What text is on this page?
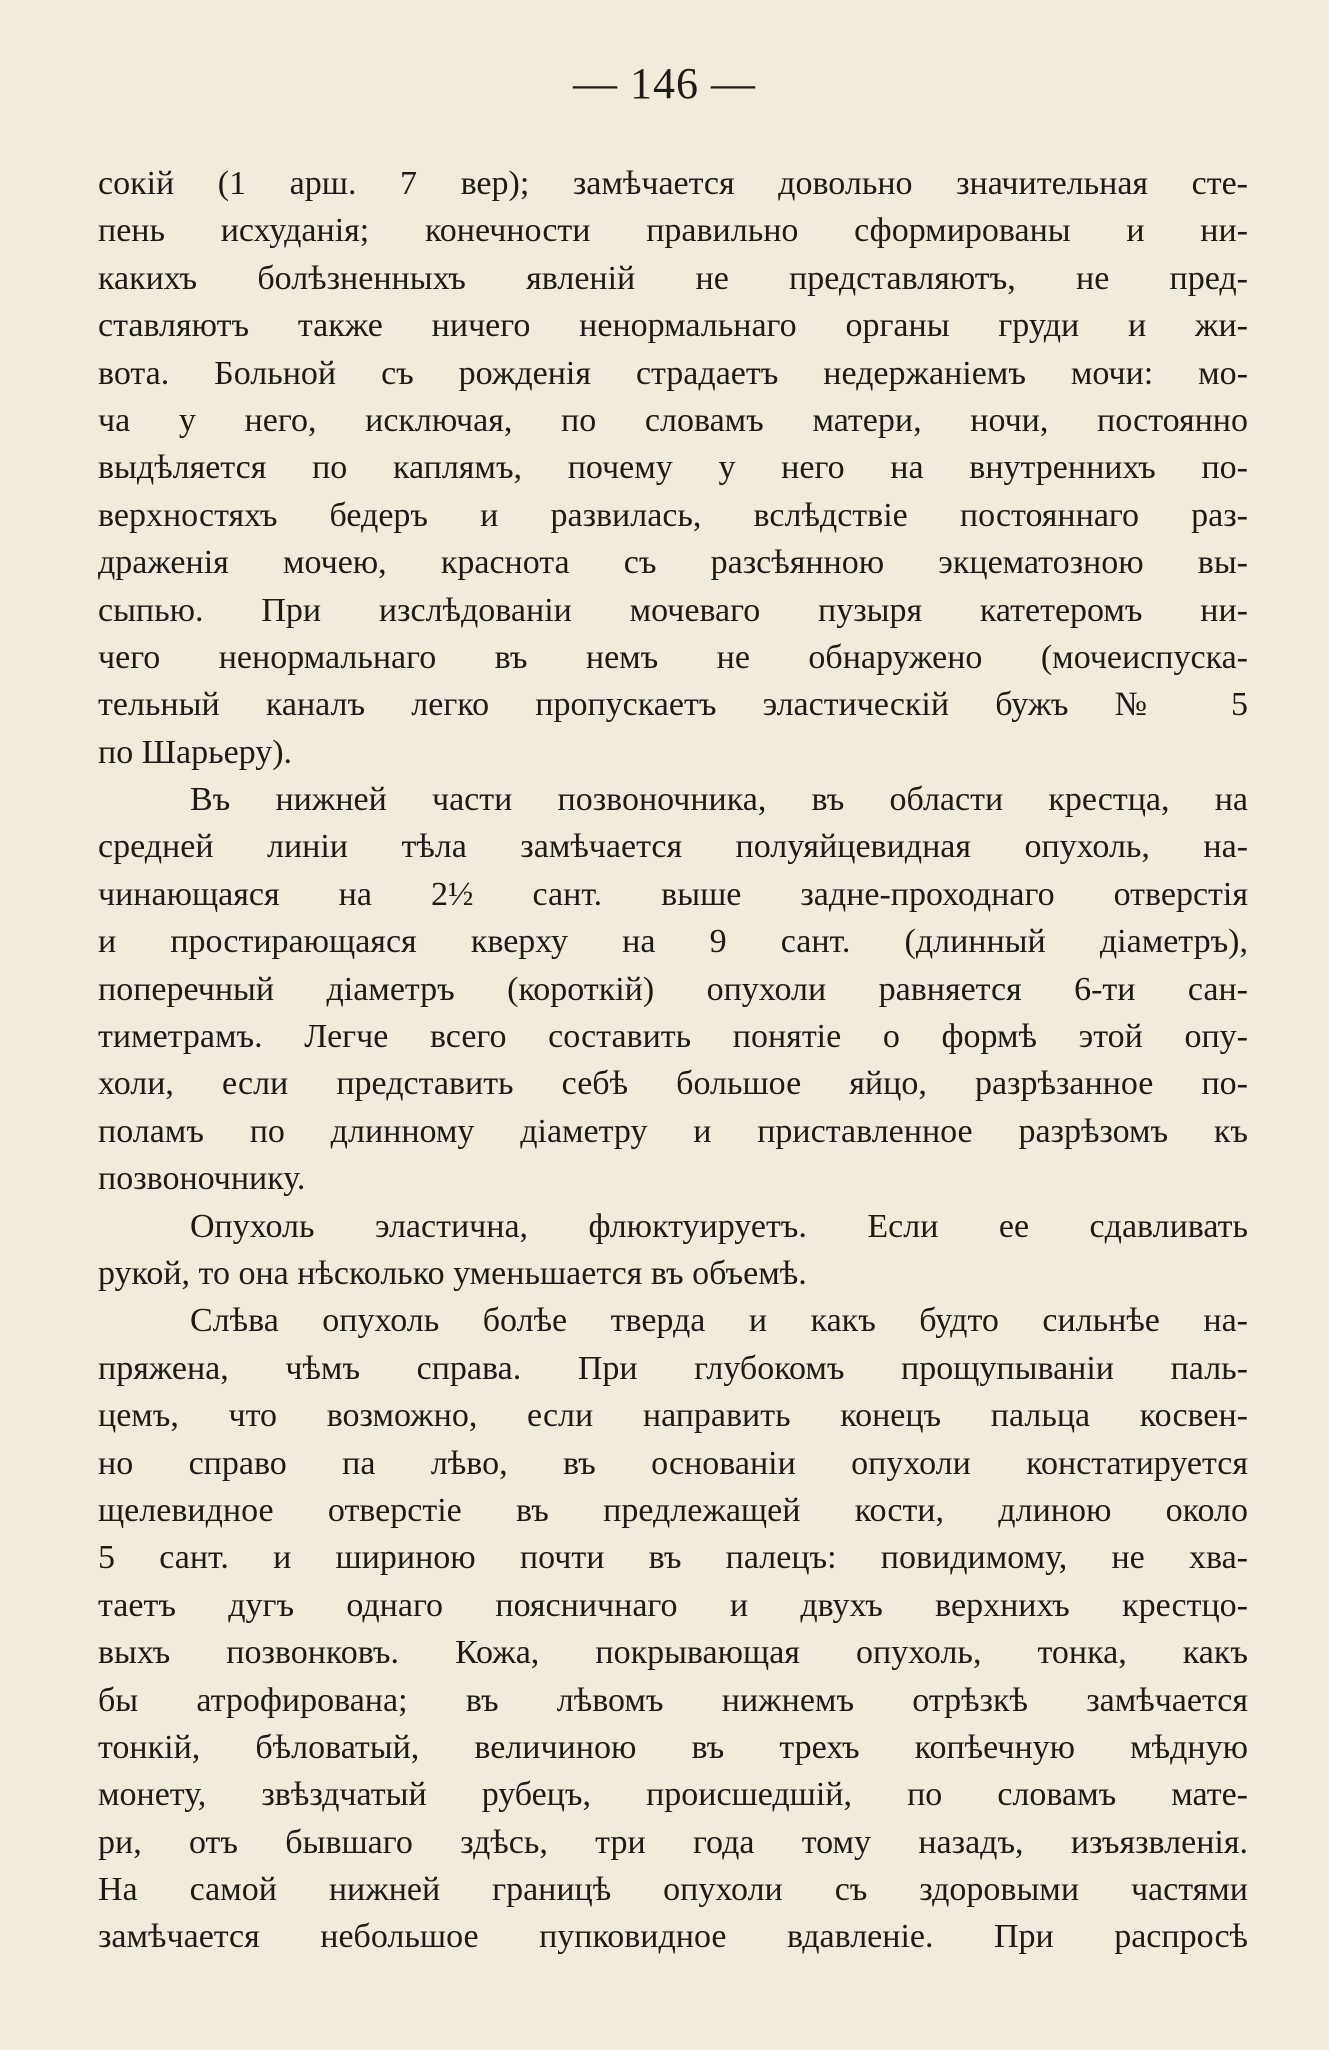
— 146 —
сокій (1 арш. 7 вер); замѣчается довольно значительная сте-
пень исхуданія; конечности правильно сформированы и ни-
какихъ болѣзненныхъ явленій не представляютъ, не пред-
ставляютъ также ничего ненормальнаго органы груди и жи-
вота. Больной съ рожденія страдаетъ недержаніемъ мочи: мо-
ча у него, исключая, по словамъ матери, ночи, постоянно
выдѣляется по каплямъ, почему у него на внутреннихъ по-
верхностяхъ бедеръ и развилась, вслѣдствіе постояннаго раз-
драженія мочею, краснота съ разсѣянною экцематозною вы-
сыпью. При изслѣдованіи мочеваго пузыря катетеромъ ни-
чего ненормальнаго въ немъ не обнаружено (мочеиспуска-
тельный каналъ легко пропускаетъ эластическій бужъ № 5
по Шарьеру).
Въ нижней части позвоночника, въ области крестца, на
средней линіи тѣла замѣчается полуяйцевидная опухоль, на-
чинающаяся на 2½ сант. выше задне-проходнаго отверстія
и простирающаяся кверху на 9 сант. (длинный діаметръ),
поперечный діаметръ (короткій) опухоли равняется 6-ти сан-
тиметрамъ. Легче всего составить понятіе о формѣ этой опу-
холи, если представить себѣ большое яйцо, разрѣзанное по-
поламъ по длинному діаметру и приставленное разрѣзомъ къ
позвоночнику.
Опухоль эластична, флюктуируетъ. Если ее сдавливать
рукой, то она нѣсколько уменьшается въ объемѣ.
Слѣва опухоль болѣе тверда и какъ будто сильнѣе на-
пряжена, чѣмъ справа. При глубокомъ прощупываніи паль-
цемъ, что возможно, если направить конецъ пальца косвен-
но справо па лѣво, въ основаніи опухоли констатируется
щелевидное отверстіе въ предлежащей кости, длиною около
5 сант. и шириною почти въ палецъ: повидимому, не хва-
таетъ дугъ однаго поясничнаго и двухъ верхнихъ крестцо-
выхъ позвонковъ. Кожа, покрывающая опухоль, тонка, какъ
бы атрофирована; въ лѣвомъ нижнемъ отрѣзкѣ замѣчается
тонкій, бѣловатый, величиною въ трехъ копѣечную мѣдную
монету, звѣздчатый рубецъ, происшедшій, по словамъ мате-
ри, отъ бывшаго здѣсь, три года тому назадъ, изъязвленія.
На самой нижней границѣ опухоли съ здоровыми частями
замѣчается небольшое пупковидное вдавленіе. При распросѣ
